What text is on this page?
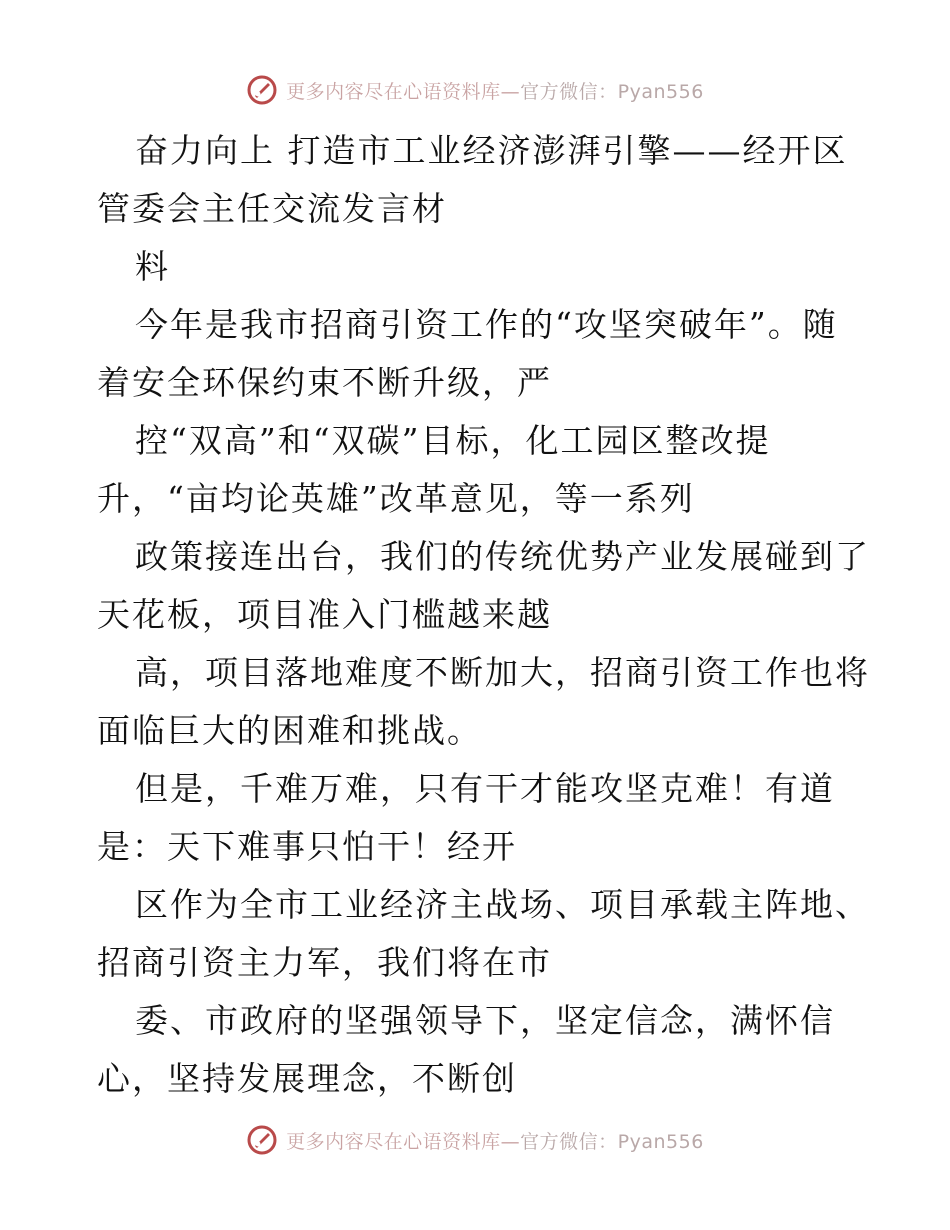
更多内容尽在心语资料库—官方微信：Pyan556
奋力向上 打造市工业经济澎湃引擎——经开区
管委会主任交流发言材
料
今年是我市招商引资工作的“攻坚突破年”。随
着安全环保约束不断升级，严
控“双高”和“双碳”目标，化工园区整改提
升，“亩均论英雄”改革意见，等一系列
政策接连出台，我们的传统优势产业发展碰到了
天花板，项目准入门槛越来越
高，项目落地难度不断加大，招商引资工作也将
面临巨大的困难和挑战。
但是，千难万难，只有干才能攻坚克难！有道
是：天下难事只怕干！经开
区作为全市工业经济主战场、项目承载主阵地、
招商引资主力军，我们将在市
委、市政府的坚强领导下，坚定信念，满怀信
心，坚持发展理念，不断创
更多内容尽在心语资料库—官方微信：Pyan556
